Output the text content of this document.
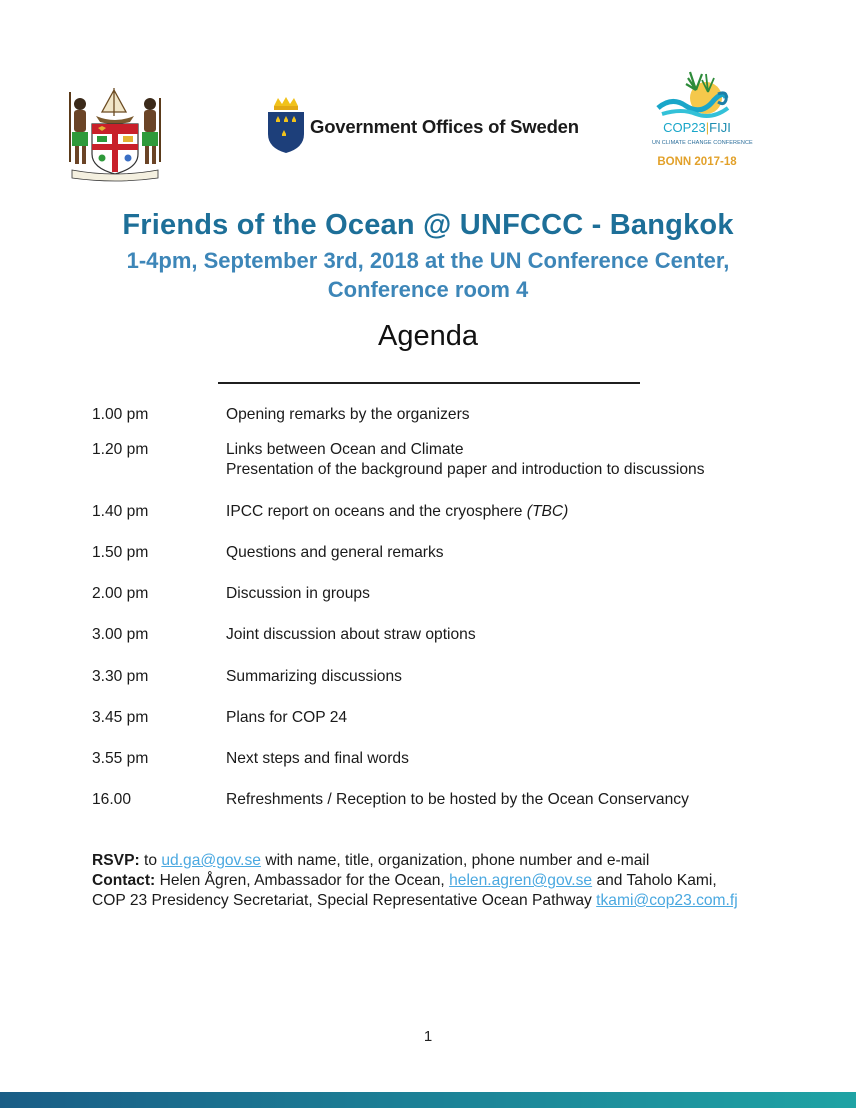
Government Offices of Sweden	COP23|FIJI
UN CLIMATE CHANGE CONFERENCE
BONN 2017-18
Friends of the Ocean @ UNFCCC - Bangkok
1-4pm, September 3rd, 2018 at the UN Conference Center,
Conference room 4
Agenda
1.00 pm	Opening remarks by the organizers
1.20 pm	Links between Ocean and Climate
Presentation of the background paper and introduction to discussions
1.40 pm	IPCC report on oceans and the cryosphere (TBC)
1.50 pm	Questions and general remarks
2.00 pm	Discussion in groups
3.00 pm	Joint discussion about straw options
3.30 pm	Summarizing discussions
3.45 pm	Plans for COP 24
3.55 pm	Next steps and final words
16.00	Refreshments / Reception to be hosted by the Ocean Conservancy
RSVP: to ud.ga@gov.se with name, title, organization, phone number and e-mail
Contact: Helen Ågren, Ambassador for the Ocean, helen.agren@gov.se and Taholo Kami,
COP 23 Presidency Secretariat, Special Representative Ocean Pathway tkami@cop23.com.fj
1
